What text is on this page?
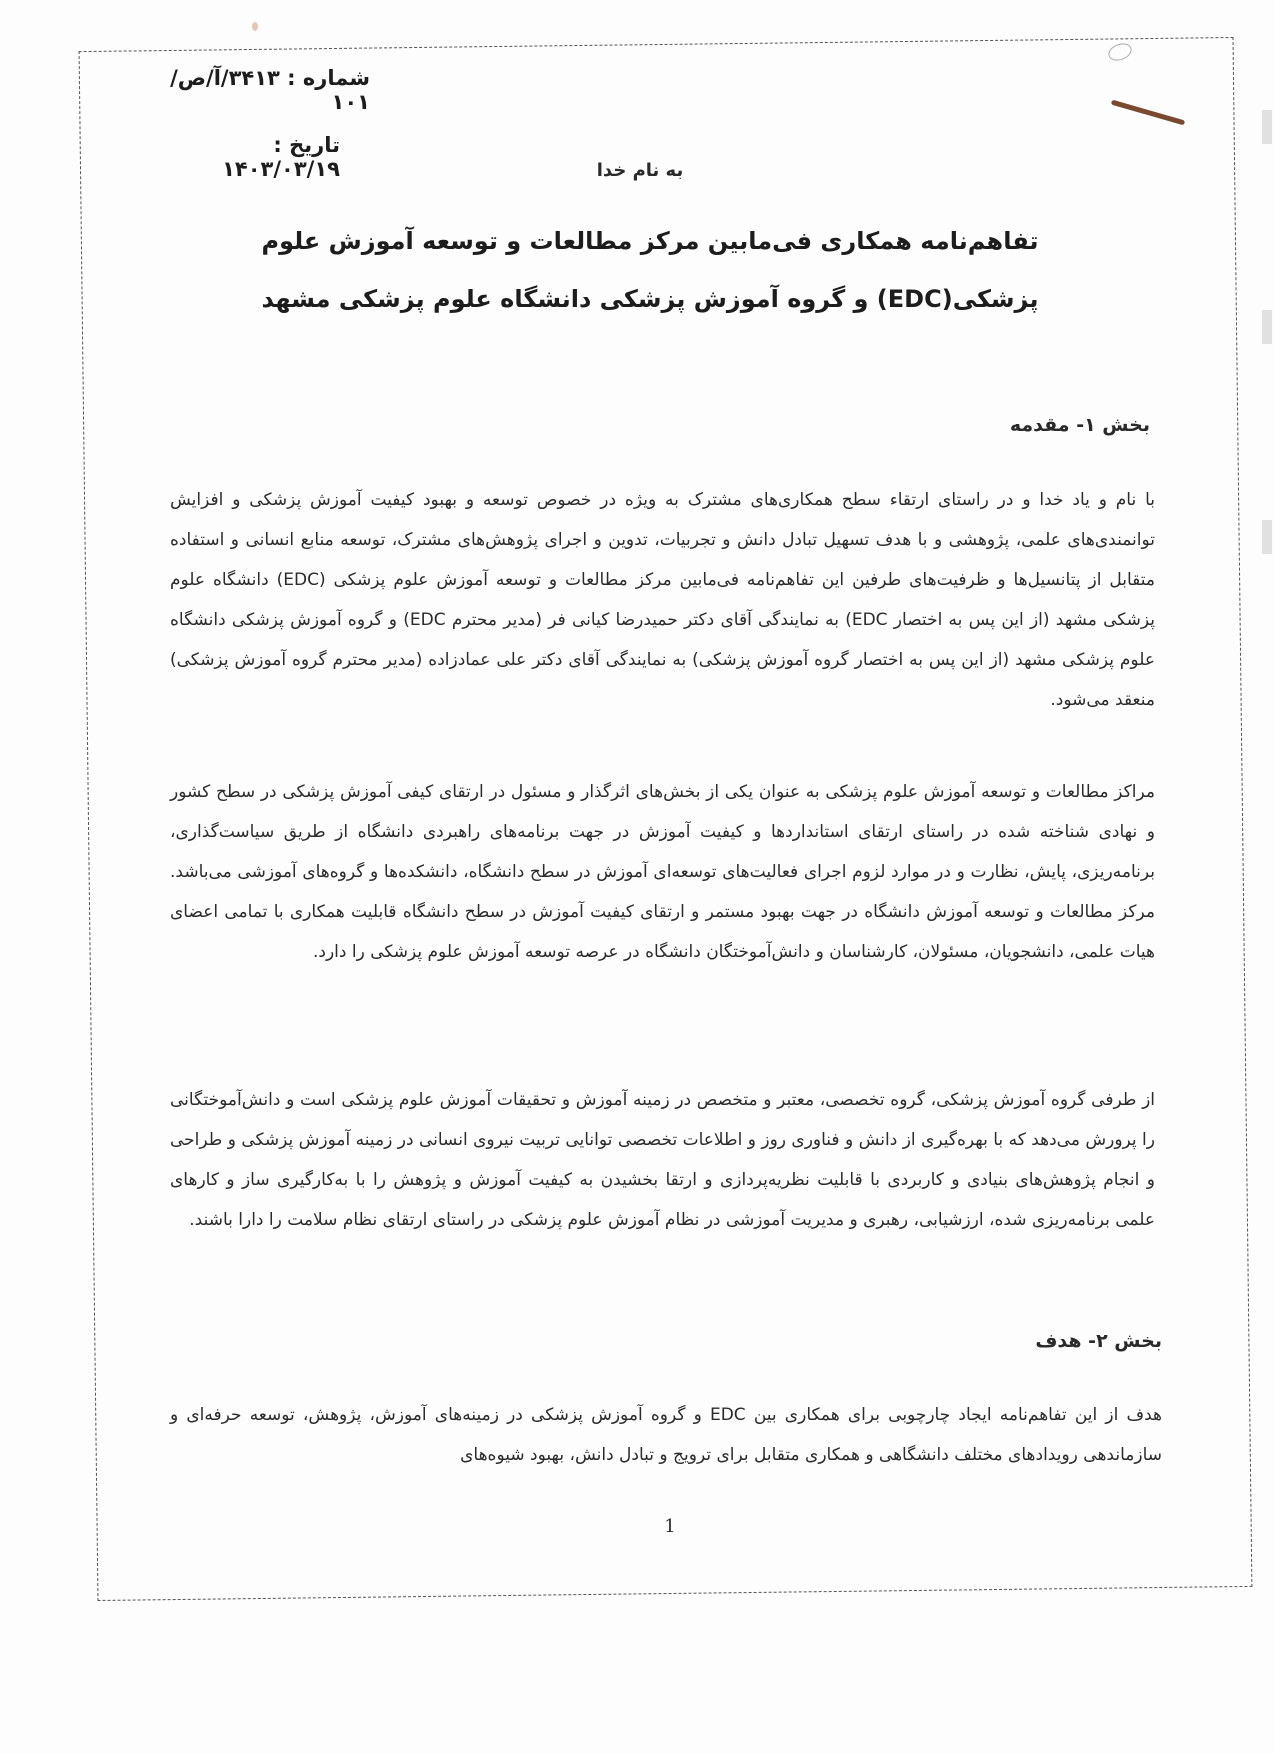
شماره : ۳۴۱۳/آ/ص/۱۰۱
تاریخ : ۱۴۰۳/۰۳/۱۹	به نام خدا
تفاهم‌نامه همکاری فی‌مابین مرکز مطالعات و توسعه آموزش علوم پزشکی(EDC) و گروه آموزش پزشکی دانشگاه علوم پزشکی مشهد
بخش ۱- مقدمه
با نام و یاد خدا و در راستای ارتقاء سطح همکاری‌های مشترک به ویژه در خصوص توسعه و بهبود کیفیت آموزش پزشکی و افزایش توانمندی‌های علمی، پژوهشی و با هدف تسهیل تبادل دانش و تجربیات، تدوین و اجرای پژوهش‌های مشترک، توسعه منابع انسانی و استفاده متقابل از پتانسیل‌ها و ظرفیت‌های طرفین این تفاهم‌نامه فی‌مابین مرکز مطالعات و توسعه آموزش علوم پزشکی (EDC) دانشگاه علوم پزشکی مشهد (از این پس به اختصار EDC) به نمایندگی آقای دکتر حمیدرضا کیانی فر (مدیر محترم EDC) و گروه آموزش پزشکی دانشگاه علوم پزشکی مشهد (از این پس به اختصار گروه آموزش پزشکی) به نمایندگی آقای دکتر علی عمادزاده (مدیر محترم گروه آموزش پزشکی) منعقد می‌شود.
مراکز مطالعات و توسعه آموزش علوم پزشکی به عنوان یکی از بخش‌های اثرگذار و مسئول در ارتقای کیفی آموزش پزشکی در سطح کشور و نهادی شناخته شده در راستای ارتقای استانداردها و کیفیت آموزش در جهت برنامه‌های راهبردی دانشگاه از طریق سیاست‌گذاری، برنامه‌ریزی، پایش، نظارت و در موارد لزوم اجرای فعالیت‌های توسعه‌ای آموزش در سطح دانشگاه، دانشکده‌ها و گروه‌های آموزشی می‌باشد. مرکز مطالعات و توسعه آموزش دانشگاه در جهت بهبود مستمر و ارتقای کیفیت آموزش در سطح دانشگاه قابلیت همکاری با تمامی اعضای هیات علمی، دانشجویان، مسئولان، کارشناسان و دانش‌آموختگان دانشگاه در عرصه توسعه آموزش علوم پزشکی را دارد.
از طرفی گروه آموزش پزشکی، گروه تخصصی، معتبر و متخصص در زمینه آموزش و تحقیقات آموزش علوم پزشکی است و دانش‌آموختگانی را پرورش می‌دهد که با بهره‌گیری از دانش و فناوری روز و اطلاعات تخصصی توانایی تربیت نیروی انسانی در زمینه آموزش پزشکی و طراحی و انجام پژوهش‌های بنیادی و کاربردی با قابلیت نظریه‌پردازی و ارتقا بخشیدن به کیفیت آموزش و پژوهش را با به‌کارگیری ساز و کارهای علمی برنامه‌ریزی شده، ارزشیابی، رهبری و مدیریت آموزشی در نظام آموزش علوم پزشکی در راستای ارتقای نظام سلامت را دارا باشند.
بخش ۲- هدف
هدف از این تفاهم‌نامه ایجاد چارچوبی برای همکاری بین EDC و گروه آموزش پزشکی در زمینه‌های آموزش، پژوهش، توسعه حرفه‌ای و سازماندهی رویدادهای مختلف دانشگاهی و همکاری متقابل برای ترویج و تبادل دانش، بهبود شیوه‌های
1
